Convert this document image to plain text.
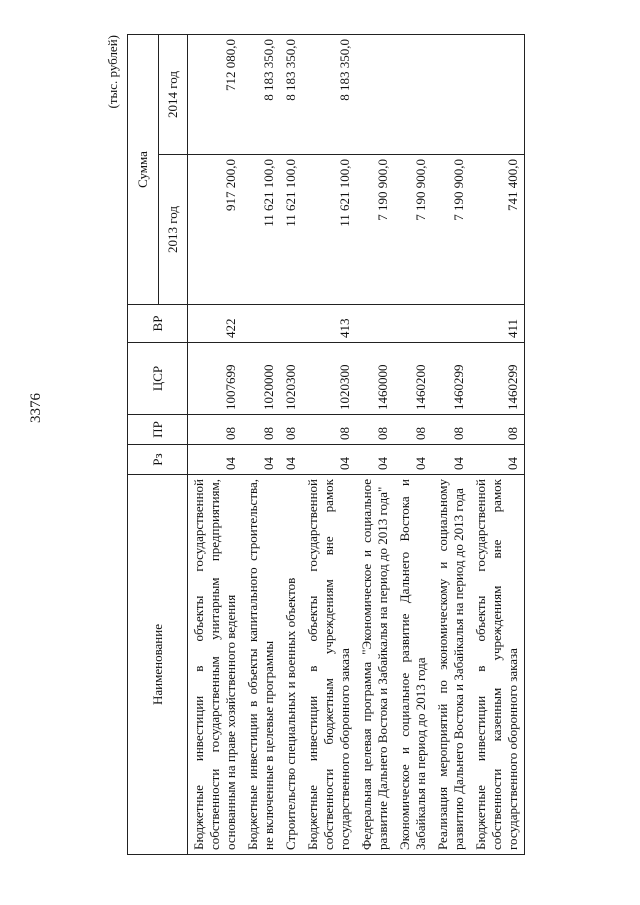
3376
(тыс. рублей)
Наименование	Рз	ПР	ЦСР	ВР	Сумма	
					2013 год	2014 год
Бюджетные инвестиции в объекты государственной собственности государственным унитарным предприятиям, основанным на праве хозяйственного ведения	04	08	1007699	422	917 200,0	712 080,0
Бюджетные инвестиции в объекты капитального строительства, не включенные в целевые программы	04	08	1020000		11 621 100,0	8 183 350,0
Строительство специальных и военных объектов	04	08	1020300		11 621 100,0	8 183 350,0
Бюджетные инвестиции в объекты государственной собственности бюджетным учреждениям вне рамок государственного оборонного заказа	04	08	1020300	413	11 621 100,0	8 183 350,0
Федеральная целевая программа "Экономическое и социальное развитие Дальнего Востока и Забайкалья на период до 2013 года"	04	08	1460000		7 190 900,0	
Экономическое и социальное развитие Дальнего Востока и Забайкалья на период до 2013 года	04	08	1460200		7 190 900,0	
Реализация мероприятий по экономическому и социальному развитию Дальнего Востока и Забайкалья на период до 2013 года	04	08	1460299		7 190 900,0	
Бюджетные инвестиции в объекты государственной собственности казенным учреждениям вне рамок государственного оборонного заказа	04	08	1460299	411	741 400,0	
